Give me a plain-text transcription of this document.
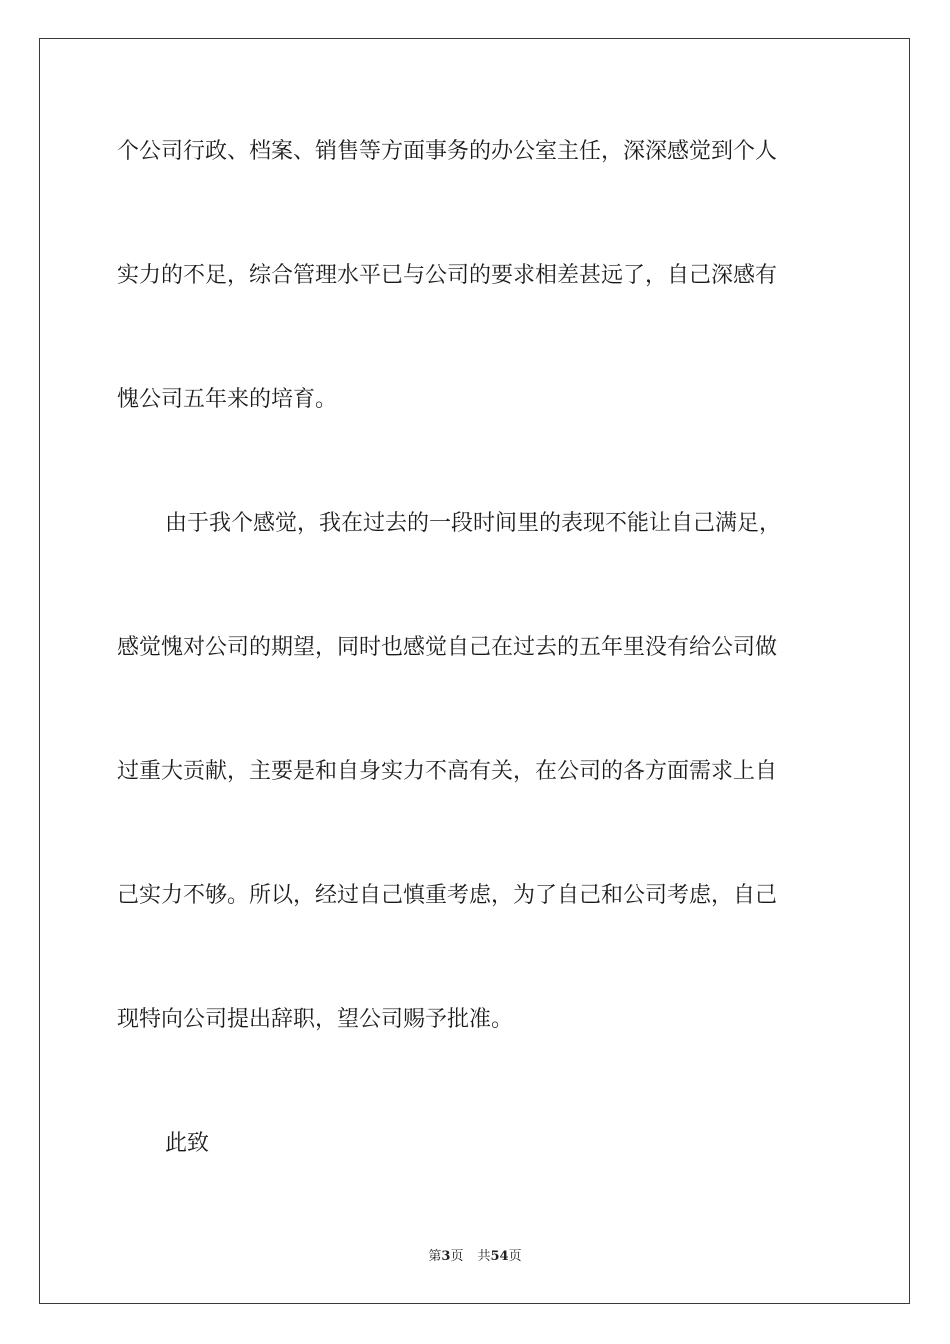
个公司行政、档案、销售等方面事务的办公室主任，深深感觉到个人
实力的不足，综合管理水平已与公司的要求相差甚远了，自己深感有
愧公司五年来的培育。
由于我个感觉，我在过去的一段时间里的表现不能让自己满足，
感觉愧对公司的期望，同时也感觉自己在过去的五年里没有给公司做
过重大贡献，主要是和自身实力不高有关，在公司的各方面需求上自
己实力不够。所以，经过自己慎重考虑，为了自己和公司考虑，自己
现特向公司提出辞职，望公司赐予批准。
此致
第3页 共54页
